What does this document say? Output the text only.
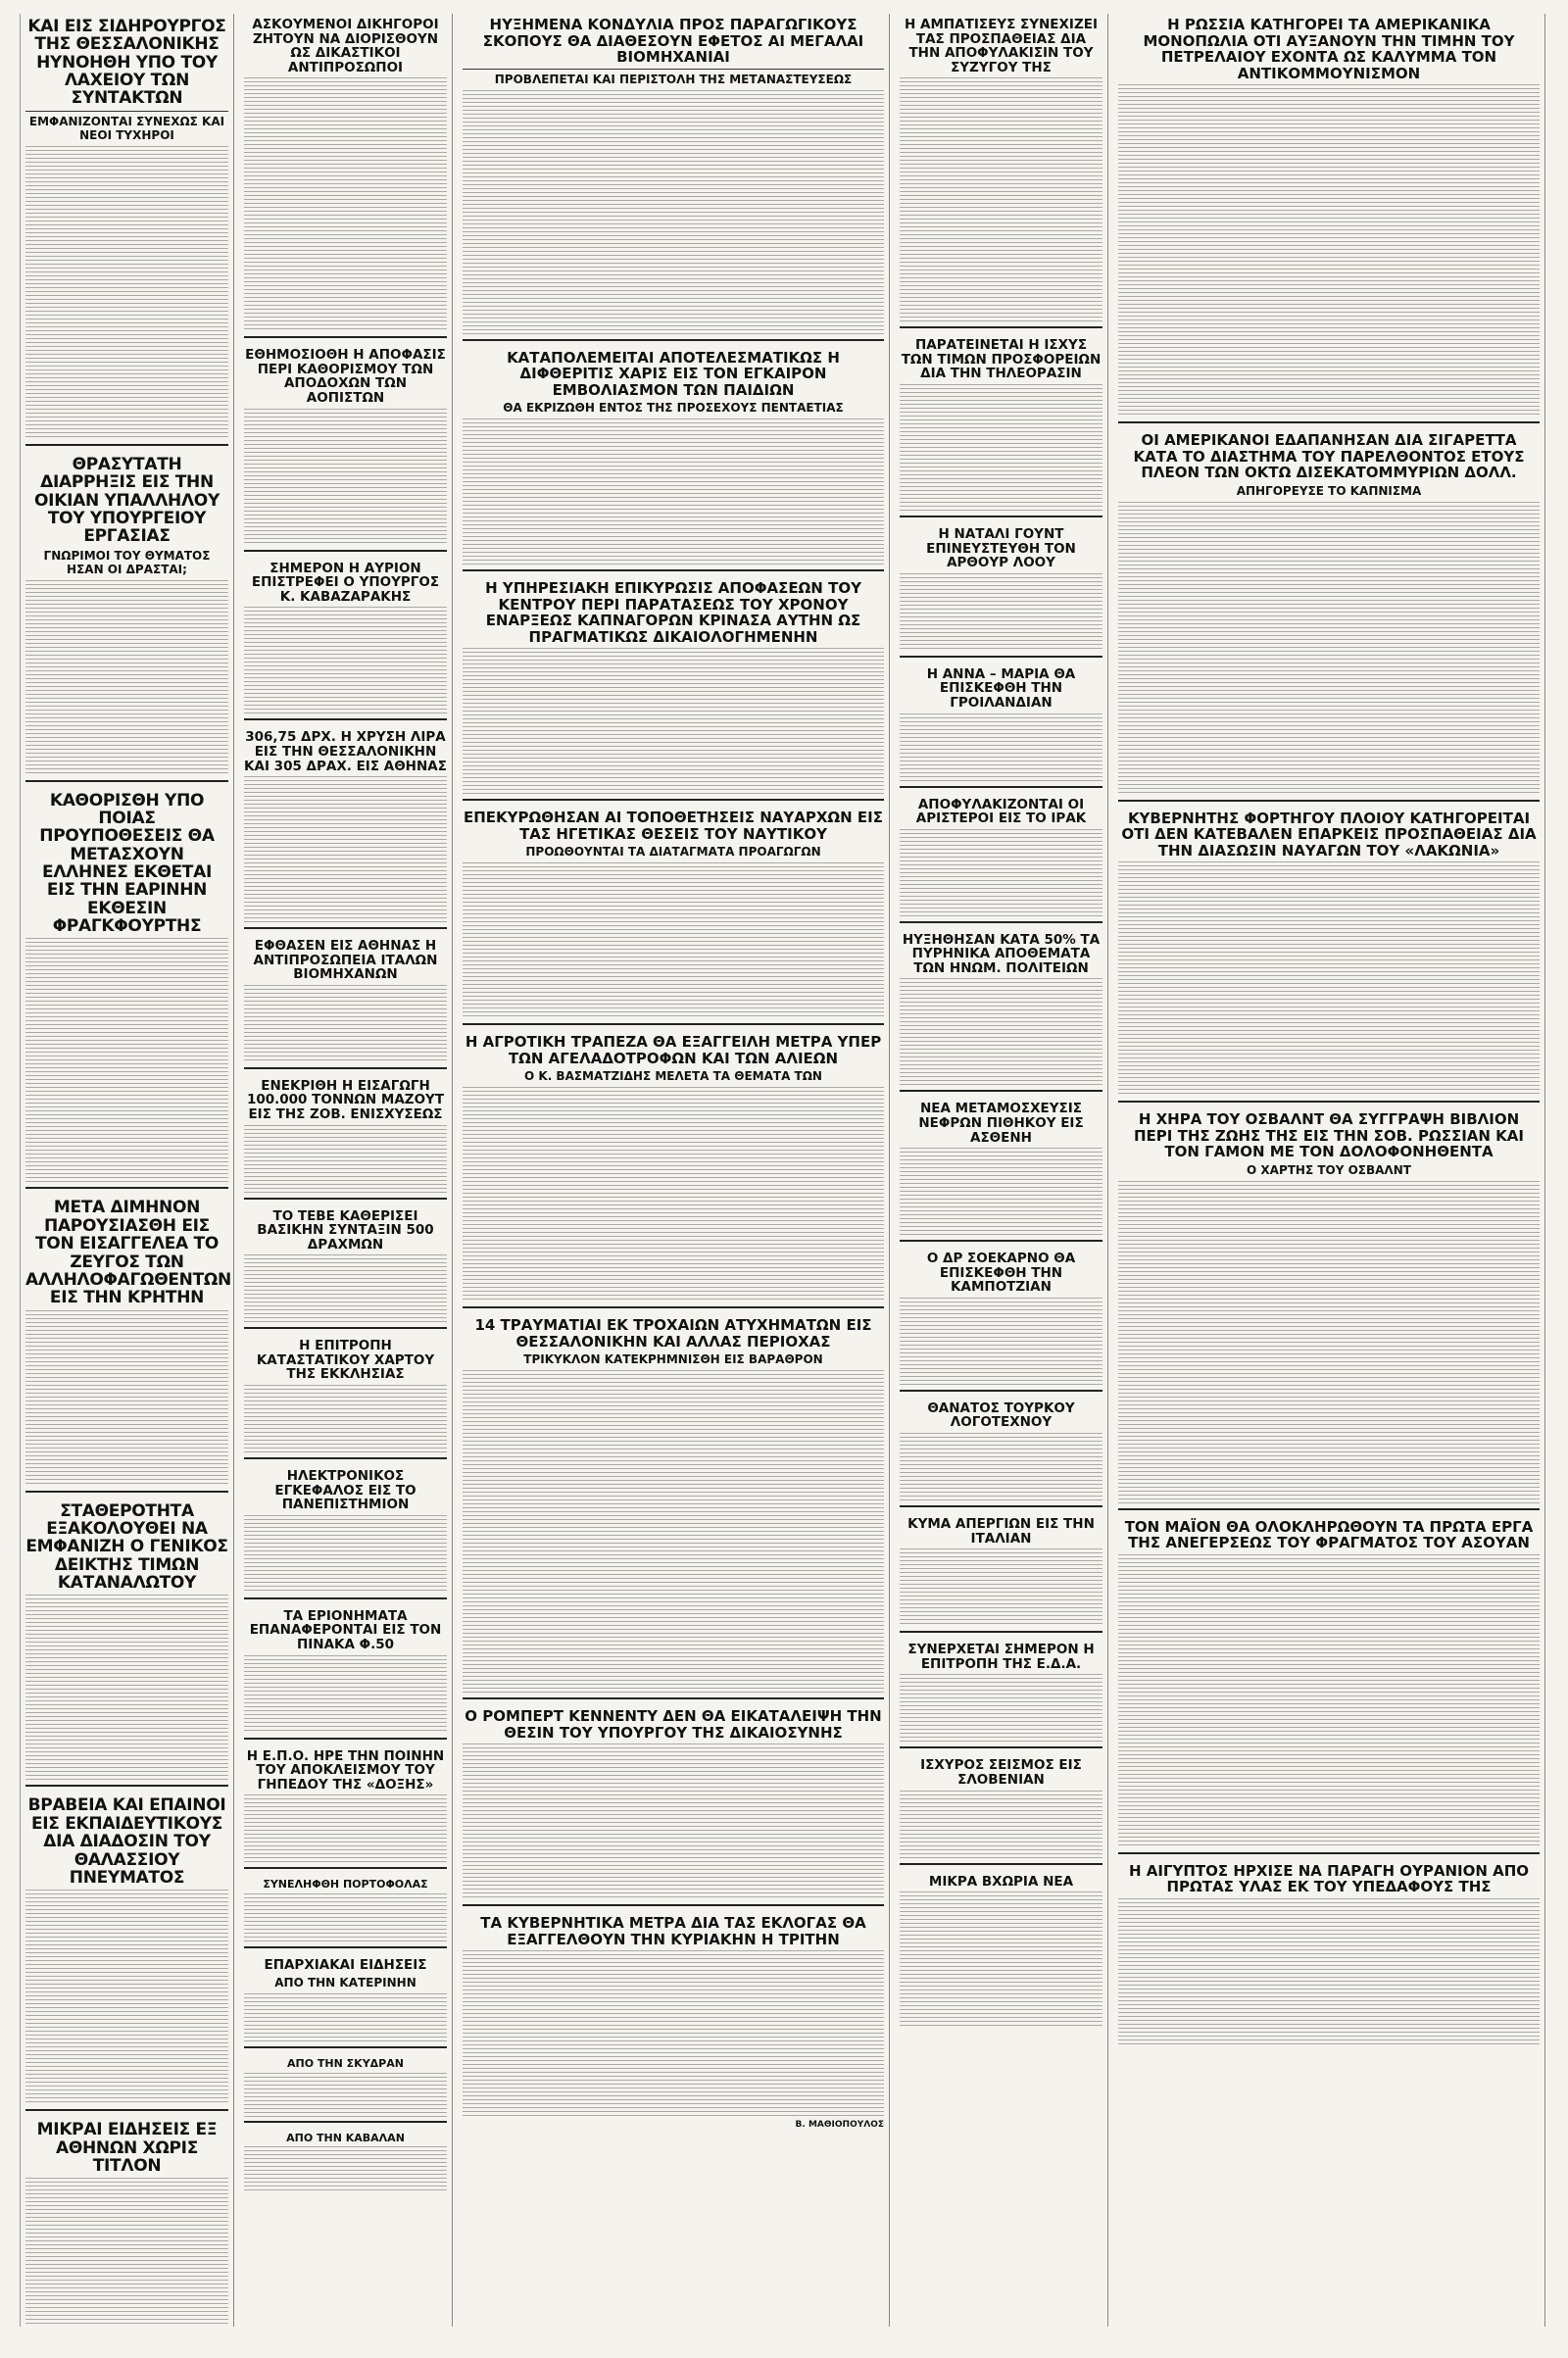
ΚΑΙ ΕΙΣ ΣΙΔΗΡΟΥΡΓΟΣ ΤΗΣ ΘΕΣΣΑΛΟΝΙΚΗΣ ΗΥΝΟΗΘΗ ΥΠΟ ΤΟΥ ΛΑΧΕΙΟΥ ΤΩΝ ΣΥΝΤΑΚΤΩΝ
ΕΜΦΑΝΙΖΟΝΤΑΙ ΣΥΝΕΧΩΣ ΚΑΙ ΝΕΟΙ ΤΥΧΗΡΟΙ
ΘΡΑΣΥΤΑΤΗ ΔΙΑΡΡΗΞΙΣ ΕΙΣ ΤΗΝ ΟΙΚΙΑΝ ΥΠΑΛΛΗΛΟΥ ΤΟΥ ΥΠΟΥΡΓΕΙΟΥ ΕΡΓΑΣΙΑΣ
ΓΝΩΡΙΜΟΙ ΤΟΥ ΘΥΜΑΤΟΣ ΗΣΑΝ ΟΙ ΔΡΑΣΤΑΙ;
ΚΑΘΟΡΙΣΘΗ ΥΠΟ ΠΟΙΑΣ ΠΡΟΥΠΟΘΕΣΕΙΣ ΘΑ ΜΕΤΑΣΧΟΥΝ ΕΛΛΗΝΕΣ ΕΚΘΕΤΑΙ ΕΙΣ ΤΗΝ ΕΑΡΙΝΗΝ ΕΚΘΕΣΙΝ ΦΡΑΓΚΦΟΥΡΤΗΣ
ΜΕΤΑ ΔΙΜΗΝΟΝ ΠΑΡΟΥΣΙΑΣΘΗ ΕΙΣ ΤΟΝ ΕΙΣΑΓΓΕΛΕΑ ΤΟ ΖΕΥΓΟΣ ΤΩΝ ΑΛΛΗΛΟΦΑΓΩΘΕΝΤΩΝ ΕΙΣ ΤΗΝ ΚΡΗΤΗΝ
ΣΤΑΘΕΡΟΤΗΤΑ ΕΞΑΚΟΛΟΥΘΕΙ ΝΑ ΕΜΦΑΝΙΖΗ Ο ΓΕΝΙΚΟΣ ΔΕΙΚΤΗΣ ΤΙΜΩΝ ΚΑΤΑΝΑΛΩΤΟΥ
ΒΡΑΒΕΙΑ ΚΑΙ ΕΠΑΙΝΟΙ ΕΙΣ ΕΚΠΑΙΔΕΥΤΙΚΟΥΣ ΔΙΑ ΔΙΑΔΟΣΙΝ ΤΟΥ ΘΑΛΑΣΣΙΟΥ ΠΝΕΥΜΑΤΟΣ
ΜΙΚΡΑΙ ΕΙΔΗΣΕΙΣ ΕΞ ΑΘΗΝΩΝ ΧΩΡΙΣ ΤΙΤΛΟΝ
ΑΣΚΟΥΜΕΝΟΙ ΔΙΚΗΓΟΡΟΙ ΖΗΤΟΥΝ ΝΑ ΔΙΟΡΙΣΘΟΥΝ ΩΣ ΔΙΚΑΣΤΙΚΟΙ ΑΝΤΙΠΡΟΣΩΠΟΙ
ΕΘΗΜΟΣΙΟΘΗ Η ΑΠΟΦΑΣΙΣ ΠΕΡΙ ΚΑΘΟΡΙΣΜΟΥ ΤΩΝ ΑΠΟΔΟΧΩΝ ΤΩΝ ΑΟΠΙΣΤΩΝ
ΣΗΜΕΡΟΝ Η ΑΥΡΙΟΝ ΕΠΙΣΤΡΕΦΕΙ Ο ΥΠΟΥΡΓΟΣ Κ. ΚΑΒΑΖΑΡΑΚΗΣ
306,75 ΔΡΧ. Η ΧΡΥΣΗ ΛΙΡΑ ΕΙΣ ΤΗΝ ΘΕΣΣΑΛΟΝΙΚΗΝ ΚΑΙ 305 ΔΡΑΧ. ΕΙΣ ΑΘΗΝΑΣ
ΕΦΘΑΣΕΝ ΕΙΣ ΑΘΗΝΑΣ Η ΑΝΤΙΠΡΟΣΩΠΕΙΑ ΙΤΑΛΩΝ ΒΙΟΜΗΧΑΝΩΝ
ΕΝΕΚΡΙΘΗ Η ΕΙΣΑΓΩΓΗ 100.000 ΤΟΝΝΩΝ ΜΑΖΟΥΤ ΕΙΣ ΤΗΣ ΖΟΒ. ΕΝΙΣΧΥΣΕΩΣ
ΤΟ ΤΕΒΕ ΚΑΘΕΡΙΣΕΙ ΒΑΣΙΚΗΝ ΣΥΝΤΑΞΙΝ 500 ΔΡΑΧΜΩΝ
Η ΕΠΙΤΡΟΠΗ ΚΑΤΑΣΤΑΤΙΚΟΥ ΧΑΡΤΟΥ ΤΗΣ ΕΚΚΛΗΣΙΑΣ
ΗΛΕΚΤΡΟΝΙΚΟΣ ΕΓΚΕΦΑΛΟΣ ΕΙΣ ΤΟ ΠΑΝΕΠΙΣΤΗΜΙΟΝ
ΤΑ ΕΡΙΟΝΗΜΑΤΑ ΕΠΑΝΑΦΕΡΟΝΤΑΙ ΕΙΣ ΤΟΝ ΠΙΝΑΚΑ Φ.50
Η Ε.Π.Ο. ΗΡΕ ΤΗΝ ΠΟΙΝΗΝ ΤΟΥ ΑΠΟΚΛΕΙΣΜΟΥ ΤΟΥ ΓΗΠΕΔΟΥ ΤΗΣ «ΔΟΞΗΣ»
ΣΥΝΕΛΗΦΘΗ ΠΟΡΤΟΦΟΛΑΣ
ΕΠΑΡΧΙΑΚΑΙ ΕΙΔΗΣΕΙΣ
ΑΠΟ ΤΗΝ ΚΑΤΕΡΙΝΗΝ
ΑΠΟ ΤΗΝ ΣΚΥΔΡΑΝ
ΑΠΟ ΤΗΝ ΚΑΒΑΛΑΝ
ΗΥΞΗΜΕΝΑ ΚΟΝΔΥΛΙΑ ΠΡΟΣ ΠΑΡΑΓΩΓΙΚΟΥΣ ΣΚΟΠΟΥΣ ΘΑ ΔΙΑΘΕΣΟΥΝ ΕΦΕΤΟΣ ΑΙ ΜΕΓΑΛΑΙ ΒΙΟΜΗΧΑΝΙΑΙ
ΠΡΟΒΛΕΠΕΤΑΙ ΚΑΙ ΠΕΡΙΣΤΟΛΗ ΤΗΣ ΜΕΤΑΝΑΣΤΕΥΣΕΩΣ
ΚΑΤΑΠΟΛΕΜΕΙΤΑΙ ΑΠΟΤΕΛΕΣΜΑΤΙΚΩΣ Η ΔΙΦΘΕΡΙΤΙΣ ΧΑΡΙΣ ΕΙΣ ΤΟΝ ΕΓΚΑΙΡΟΝ ΕΜΒΟΛΙΑΣΜΟΝ ΤΩΝ ΠΑΙΔΙΩΝ
ΘΑ ΕΚΡΙΖΩΘΗ ΕΝΤΟΣ ΤΗΣ ΠΡΟΣΕΧΟΥΣ ΠΕΝΤΑΕΤΙΑΣ
Η ΥΠΗΡΕΣΙΑΚΗ ΕΠΙΚΥΡΩΣΙΣ ΑΠΟΦΑΣΕΩΝ ΤΟΥ ΚΕΝΤΡΟΥ ΠΕΡΙ ΠΑΡΑΤΑΣΕΩΣ ΤΟΥ ΧΡΟΝΟΥ ΕΝΑΡΞΕΩΣ ΚΑΠΝΑΓΟΡΩΝ ΚΡΙΝΑΣΑ ΑΥΤΗΝ ΩΣ ΠΡΑΓΜΑΤΙΚΩΣ ΔΙΚΑΙΟΛΟΓΗΜΕΝΗΝ
ΕΠΕΚΥΡΩΘΗΣΑΝ ΑΙ ΤΟΠΟΘΕΤΗΣΕΙΣ ΝΑΥΑΡΧΩΝ ΕΙΣ ΤΑΣ ΗΓΕΤΙΚΑΣ ΘΕΣΕΙΣ ΤΟΥ ΝΑΥΤΙΚΟΥ
ΠΡΟΩΘΟΥΝΤΑΙ ΤΑ ΔΙΑΤΑΓΜΑΤΑ ΠΡΟΑΓΩΓΩΝ
Η ΑΓΡΟΤΙΚΗ ΤΡΑΠΕΖΑ ΘΑ ΕΞΑΓΓΕΙΛΗ ΜΕΤΡΑ ΥΠΕΡ ΤΩΝ ΑΓΕΛΑΔΟΤΡΟΦΩΝ ΚΑΙ ΤΩΝ ΑΛΙΕΩΝ
Ο Κ. ΒΑΣΜΑΤΖΙΔΗΣ ΜΕΛΕΤΑ ΤΑ ΘΕΜΑΤΑ ΤΩΝ
14 ΤΡΑΥΜΑΤΙΑΙ ΕΚ ΤΡΟΧΑΙΩΝ ΑΤΥΧΗΜΑΤΩΝ ΕΙΣ ΘΕΣΣΑΛΟΝΙΚΗΝ ΚΑΙ ΑΛΛΑΣ ΠΕΡΙΟΧΑΣ
ΤΡΙΚΥΚΛΟΝ ΚΑΤΕΚΡΗΜΝΙΣΘΗ ΕΙΣ ΒΑΡΑΘΡΟΝ
Ο ΡΟΜΠΕΡΤ ΚΕΝΝΕΝΤΥ ΔΕΝ ΘΑ ΕΙΚΑΤΑΛΕΙΨΗ ΤΗΝ ΘΕΣΙΝ ΤΟΥ ΥΠΟΥΡΓΟΥ ΤΗΣ ΔΙΚΑΙΟΣΥΝΗΣ
ΤΑ ΚΥΒΕΡΝΗΤΙΚΑ ΜΕΤΡΑ ΔΙΑ ΤΑΣ ΕΚΛΟΓΑΣ ΘΑ ΕΞΑΓΓΕΛΘΟΥΝ ΤΗΝ ΚΥΡΙΑΚΗΝ Η ΤΡΙΤΗΝ
Β. ΜΑΘΙΟΠΟΥΛΟΣ
Η ΑΜΠΑΤΙΣΕΥΣ ΣΥΝΕΧΙΖΕΙ ΤΑΣ ΠΡΟΣΠΑΘΕΙΑΣ ΔΙΑ ΤΗΝ ΑΠΟΦΥΛΑΚΙΣΙΝ ΤΟΥ ΣΥΖΥΓΟΥ ΤΗΣ
ΠΑΡΑΤΕΙΝΕΤΑΙ Η ΙΣΧΥΣ ΤΩΝ ΤΙΜΩΝ ΠΡΟΣΦΟΡΕΙΩΝ ΔΙΑ ΤΗΝ ΤΗΛΕΟΡΑΣΙΝ
Η ΝΑΤΑΛΙ ΓΟΥΝΤ ΕΠΙΝΕΥΣΤΕΥΘΗ ΤΟΝ ΑΡΘΟΥΡ ΛΟΟΥ
Η ΑΝΝΑ – ΜΑΡΙΑ ΘΑ ΕΠΙΣΚΕΦΘΗ ΤΗΝ ΓΡΟΙΛΑΝΔΙΑΝ
ΑΠΟΦΥΛΑΚΙΖΟΝΤΑΙ ΟΙ ΑΡΙΣΤΕΡΟΙ ΕΙΣ ΤΟ ΙΡΑΚ
ΗΥΞΗΘΗΣΑΝ ΚΑΤΑ 50% ΤΑ ΠΥΡΗΝΙΚΑ ΑΠΟΘΕΜΑΤΑ ΤΩΝ ΗΝΩΜ. ΠΟΛΙΤΕΙΩΝ
ΝΕΑ ΜΕΤΑΜΟΣΧΕΥΣΙΣ ΝΕΦΡΩΝ ΠΙΘΗΚΟΥ ΕΙΣ ΑΣΘΕΝΗ
Ο ΔΡ ΣΟΕΚΑΡΝΟ ΘΑ ΕΠΙΣΚΕΦΘΗ ΤΗΝ ΚΑΜΠΟΤΖΙΑΝ
ΘΑΝΑΤΟΣ ΤΟΥΡΚΟΥ ΛΟΓΟΤΕΧΝΟΥ
ΚΥΜΑ ΑΠΕΡΓΙΩΝ ΕΙΣ ΤΗΝ ΙΤΑΛΙΑΝ
ΣΥΝΕΡΧΕΤΑΙ ΣΗΜΕΡΟΝ Η ΕΠΙΤΡΟΠΗ ΤΗΣ Ε.Δ.Α.
ΙΣΧΥΡΟΣ ΣΕΙΣΜΟΣ ΕΙΣ ΣΛΟΒΕΝΙΑΝ
ΜΙΚΡΑ ΒΧΩΡΙΑ ΝΕΑ
Η ΡΩΣΣΙΑ ΚΑΤΗΓΟΡΕΙ ΤΑ ΑΜΕΡΙΚΑΝΙΚΑ ΜΟΝΟΠΩΛΙΑ ΟΤΙ ΑΥΞΑΝΟΥΝ ΤΗΝ ΤΙΜΗΝ ΤΟΥ ΠΕΤΡΕΛΑΙΟΥ ΕΧΟΝΤΑ ΩΣ ΚΑΛΥΜΜΑ ΤΟΝ ΑΝΤΙΚΟΜΜΟΥΝΙΣΜΟΝ
ΟΙ ΑΜΕΡΙΚΑΝΟΙ ΕΔΑΠΑΝΗΣΑΝ ΔΙΑ ΣΙΓΑΡΕΤΤΑ ΚΑΤΑ ΤΟ ΔΙΑΣΤΗΜΑ ΤΟΥ ΠΑΡΕΛΘΟΝΤΟΣ ΕΤΟΥΣ ΠΛΕΟΝ ΤΩΝ ΟΚΤΩ ΔΙΣΕΚΑΤΟΜΜΥΡΙΩΝ ΔΟΛΛ.
ΑΠΗΓΟΡΕΥΣΕ ΤΟ ΚΑΠΝΙΣΜΑ
ΚΥΒΕΡΝΗΤΗΣ ΦΟΡΤΗΓΟΥ ΠΛΟΙΟΥ ΚΑΤΗΓΟΡΕΙΤΑΙ ΟΤΙ ΔΕΝ ΚΑΤΕΒΑΛΕΝ ΕΠΑΡΚΕΙΣ ΠΡΟΣΠΑΘΕΙΑΣ ΔΙΑ ΤΗΝ ΔΙΑΣΩΣΙΝ ΝΑΥΑΓΩΝ ΤΟΥ «ΛΑΚΩΝΙΑ»
Η ΧΗΡΑ ΤΟΥ ΟΣΒΑΛΝΤ ΘΑ ΣΥΓΓΡΑΨΗ ΒΙΒΛΙΟΝ ΠΕΡΙ ΤΗΣ ΖΩΗΣ ΤΗΣ ΕΙΣ ΤΗΝ ΣΟΒ. ΡΩΣΣΙΑΝ ΚΑΙ ΤΟΝ ΓΑΜΟΝ ΜΕ ΤΟΝ ΔΟΛΟΦΟΝΗΘΕΝΤΑ
Ο ΧΑΡΤΗΣ ΤΟΥ ΟΣΒΑΛΝΤ
ΤΟΝ ΜΑΪΟΝ ΘΑ ΟΛΟΚΛΗΡΩΘΟΥΝ ΤΑ ΠΡΩΤΑ ΕΡΓΑ ΤΗΣ ΑΝΕΓΕΡΣΕΩΣ ΤΟΥ ΦΡΑΓΜΑΤΟΣ ΤΟΥ ΑΣΟΥΑΝ
Η ΑΙΓΥΠΤΟΣ ΗΡΧΙΣΕ ΝΑ ΠΑΡΑΓΗ ΟΥΡΑΝΙΟΝ ΑΠΟ ΠΡΩΤΑΣ ΥΛΑΣ ΕΚ ΤΟΥ ΥΠΕΔΑΦΟΥΣ ΤΗΣ
